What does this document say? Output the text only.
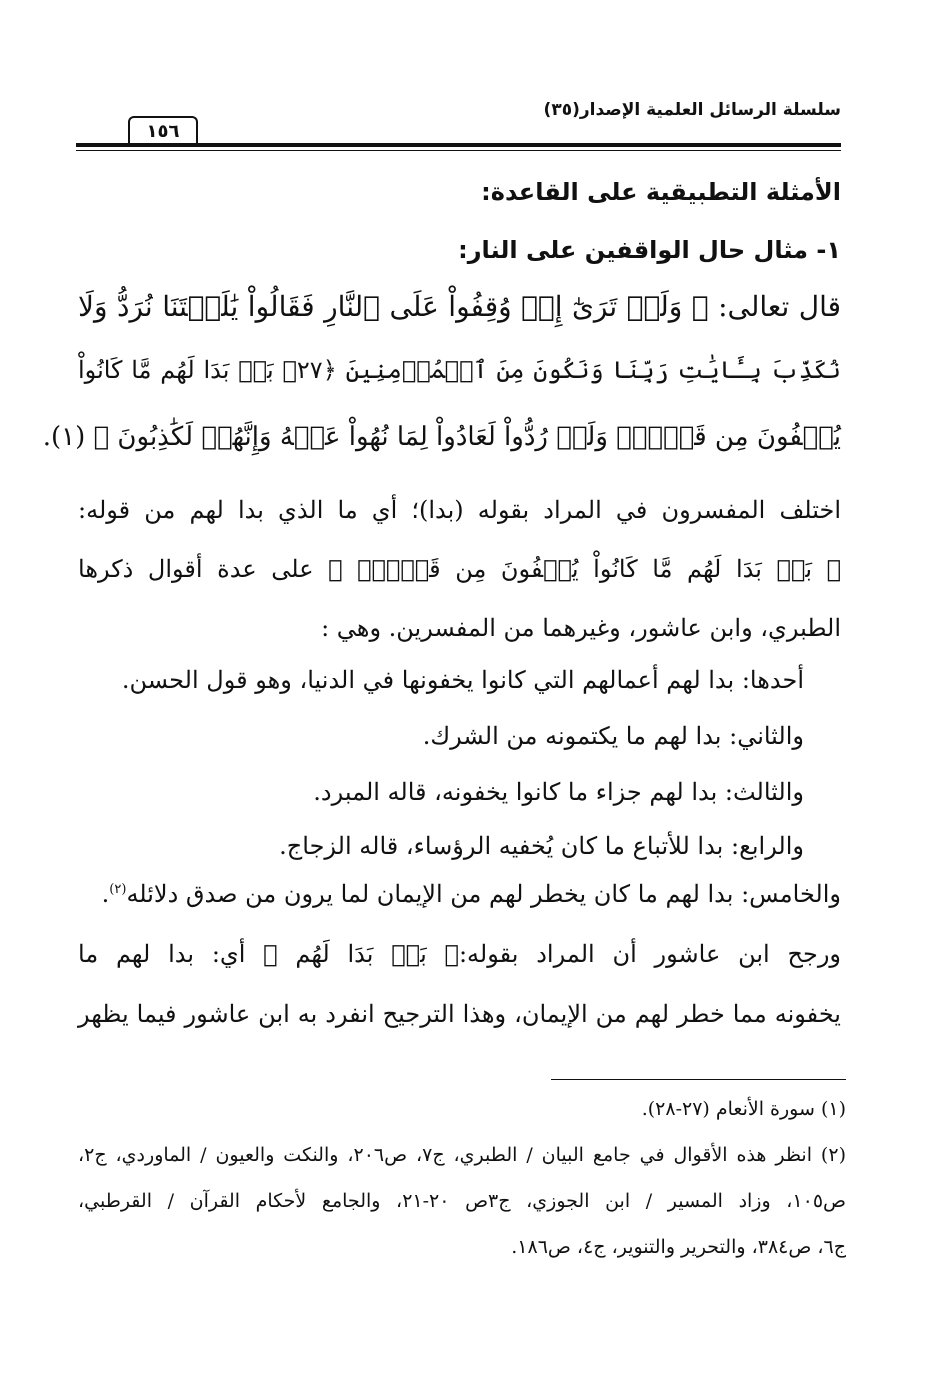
سلسلة الرسائل العلمية الإصدار(٣٥)
١٥٦
الأمثلة التطبيقية على القاعدة:
١- مثال حال الواقفين على النار:
قال تعالى: ﴿ وَلَوۡ تَرَىٰٓ إِذۡ وُقِفُواْ عَلَى ٱلنَّارِ فَقَالُواْ يَٰلَيۡتَنَا نُرَدُّ وَلَا
نُكَذِّبَ بِـَٔايَٰتِ رَبِّنَا وَنَكُونَ مِنَ ٱلۡمُؤۡمِنِينَ ﴿٢٧﴾ بَلۡ بَدَا لَهُم مَّا كَانُواْ
يُخۡفُونَ مِن قَبۡلُۖ وَلَوۡ رُدُّواْ لَعَادُواْ لِمَا نُهُواْ عَنۡهُ وَإِنَّهُمۡ لَكَٰذِبُونَ ﴾ (١).
اختلف المفسرون في المراد بقوله (بدا)؛ أي ما الذي بدا لهم من قوله:
﴿ بَلۡ بَدَا لَهُم مَّا كَانُواْ يُخۡفُونَ مِن قَبۡلُۖ ﴾ على عدة أقوال ذكرها
الطبري، وابن عاشور، وغيرهما من المفسرين. وهي :
أحدها: بدا لهم أعمالهم التي كانوا يخفونها في الدنيا، وهو قول الحسن.
والثاني: بدا لهم ما يكتمونه من الشرك.
والثالث: بدا لهم جزاء ما كانوا يخفونه، قاله المبرد.
والرابع: بدا للأتباع ما كان يُخفيه الرؤساء، قاله الزجاج.
والخامس: بدا لهم ما كان يخطر لهم من الإيمان لما يرون من صدق دلائله$^{(٢)}$.
ورجح ابن عاشور أن المراد بقوله:﴿ بَلۡ بَدَا لَهُم ﴾ أي: بدا لهم ما
يخفونه مما خطر لهم من الإيمان، وهذا الترجيح انفرد به ابن عاشور فيما يظهر
(١) سورة الأنعام (٢٧-٢٨).
(٢) انظر هذه الأقوال في جامع البيان / الطبري، ج٧، ص٢٠٦، والنكت والعيون / الماوردي، ج٢،
ص١٠٥، وزاد المسير / ابن الجوزي، ج٣ص ٢٠-٢١، والجامع لأحكام القرآن / القرطبي،
ج٦، ص٣٨٤، والتحرير والتنوير، ج٤، ص١٨٦.
